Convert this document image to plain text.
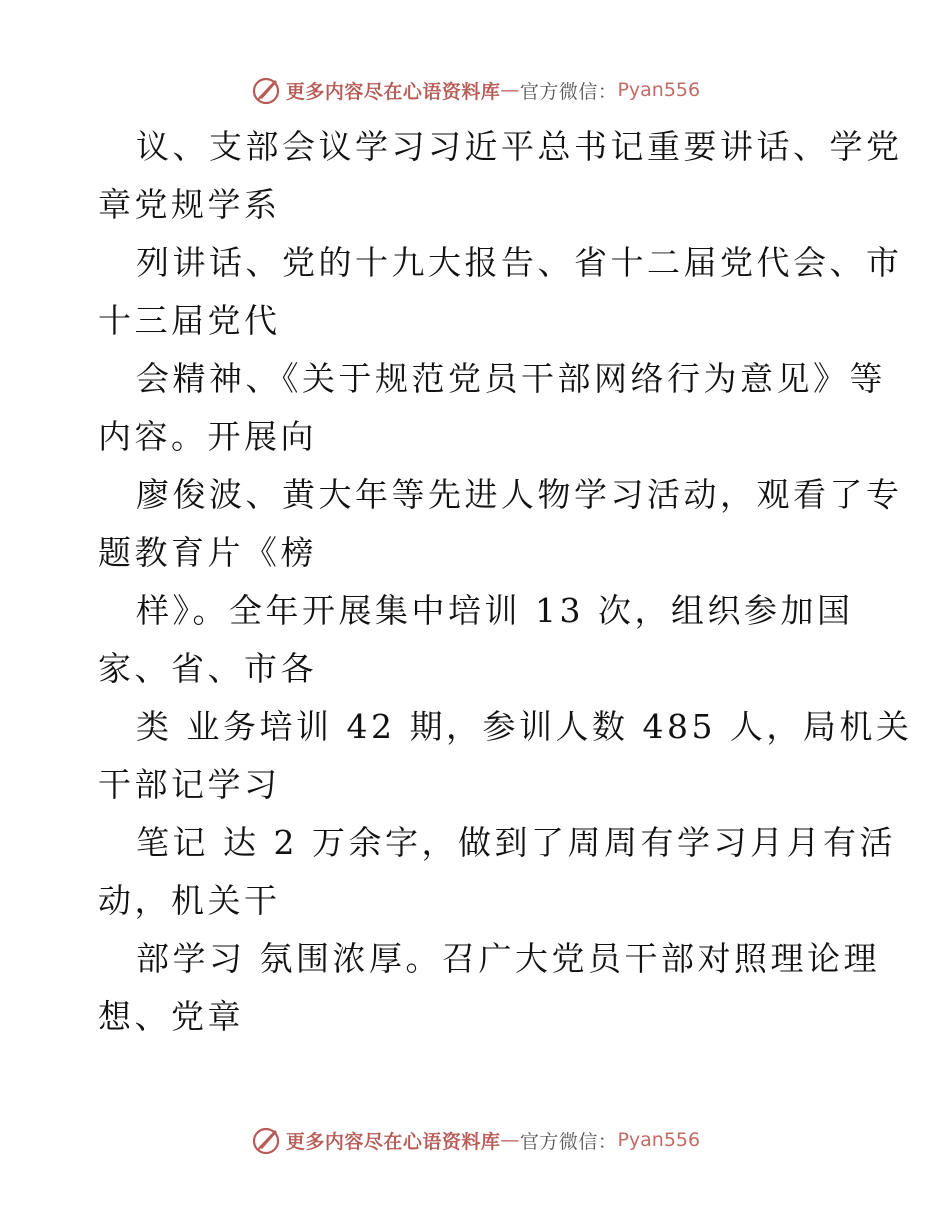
更多内容尽在心语资料库 — 官方微信： Pyan556
议、支部会议学习习近平总书记重要讲话、学党
章党规学系
列讲话、党的十九大报告、省十二届党代会、市
十三届党代
会精神、《关于规范党员干部网络行为意见》等
内容。开展向
廖俊波、黄大年等先进人物学习活动，观看了专
题教育片《榜
样》。全年开展集中培训 13 次，组织参加国
家、省、市各
类 业务培训 42 期，参训人数 485 人，局机关
干部记学习
笔记 达 2 万余字，做到了周周有学习月月有活
动，机关干
部学习 氛围浓厚。召广大党员干部对照理论理
想、党章
更多内容尽在心语资料库 — 官方微信： Pyan556
